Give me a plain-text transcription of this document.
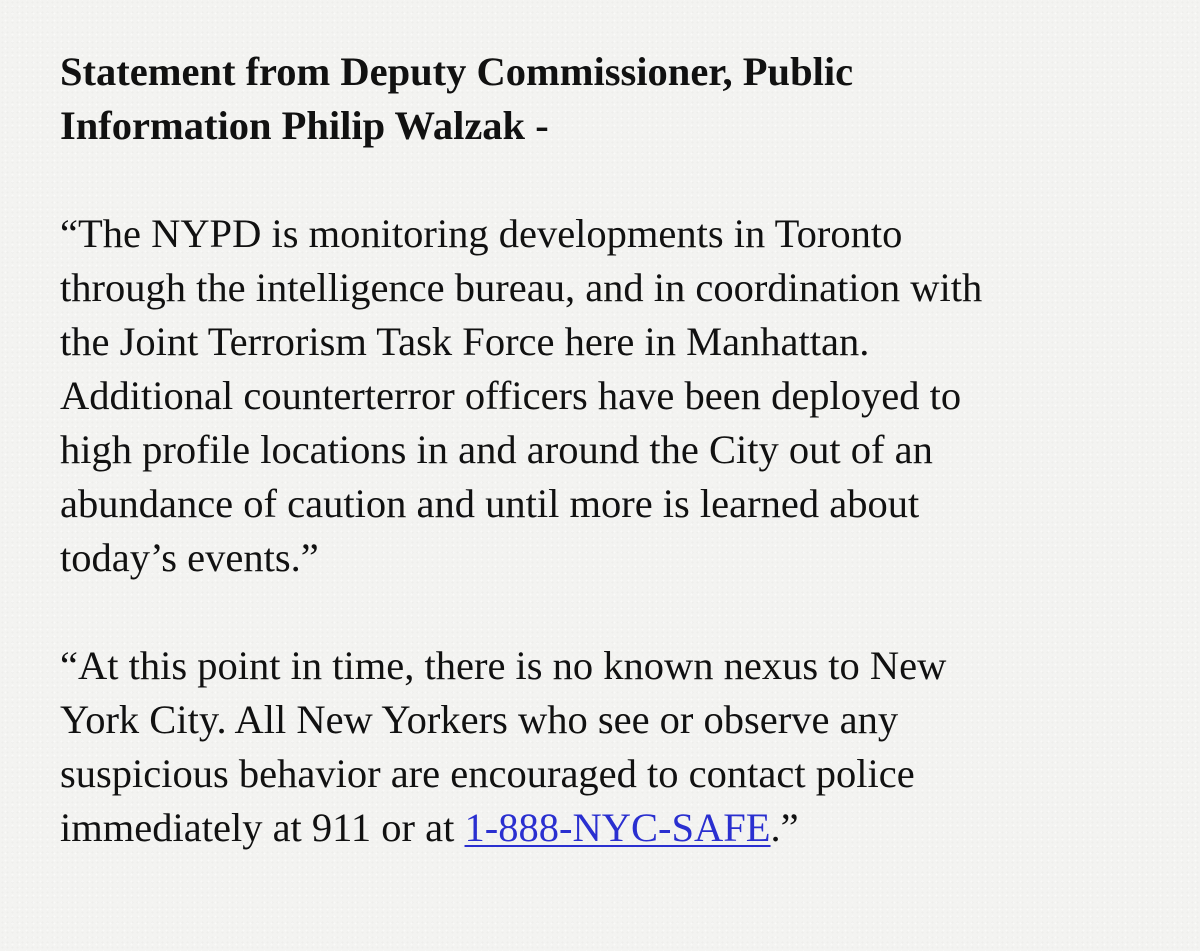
Statement from Deputy Commissioner, Public
Information Philip Walzak -

“The NYPD is monitoring developments in Toronto
through the intelligence bureau, and in coordination with
the Joint Terrorism Task Force here in Manhattan.
Additional counterterror officers have been deployed to
high profile locations in and around the City out of an
abundance of caution and until more is learned about
today’s events.”

“At this point in time, there is no known nexus to New
York City. All New Yorkers who see or observe any
suspicious behavior are encouraged to contact police
immediately at 911 or at 1-888-NYC-SAFE.”
